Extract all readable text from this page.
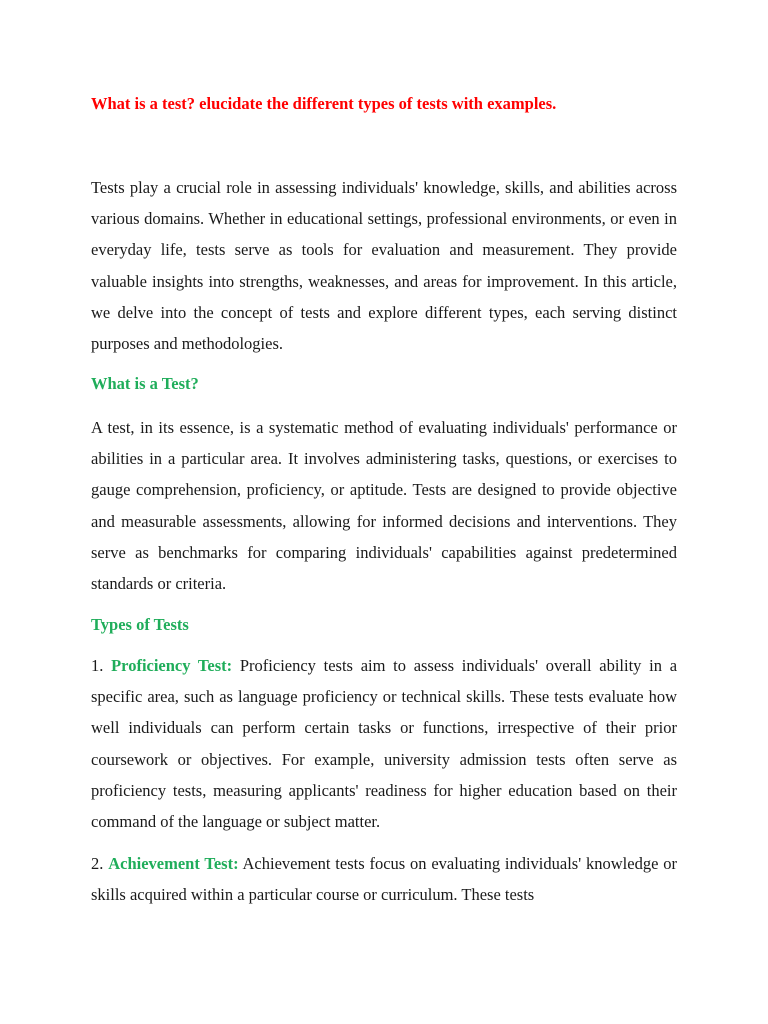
What is a test? elucidate the different types of tests with examples.

Tests play a crucial role in assessing individuals' knowledge, skills, and abilities across various domains. Whether in educational settings, professional environments, or even in everyday life, tests serve as tools for evaluation and measurement. They provide valuable insights into strengths, weaknesses, and areas for improvement. In this article, we delve into the concept of tests and explore different types, each serving distinct purposes and methodologies.

What is a Test?

A test, in its essence, is a systematic method of evaluating individuals' performance or abilities in a particular area. It involves administering tasks, questions, or exercises to gauge comprehension, proficiency, or aptitude. Tests are designed to provide objective and measurable assessments, allowing for informed decisions and interventions. They serve as benchmarks for comparing individuals' capabilities against predetermined standards or criteria.

Types of Tests

1. Proficiency Test: Proficiency tests aim to assess individuals' overall ability in a specific area, such as language proficiency or technical skills. These tests evaluate how well individuals can perform certain tasks or functions, irrespective of their prior coursework or objectives. For example, university admission tests often serve as proficiency tests, measuring applicants' readiness for higher education based on their command of the language or subject matter.

2. Achievement Test: Achievement tests focus on evaluating individuals' knowledge or skills acquired within a particular course or curriculum. These tests
